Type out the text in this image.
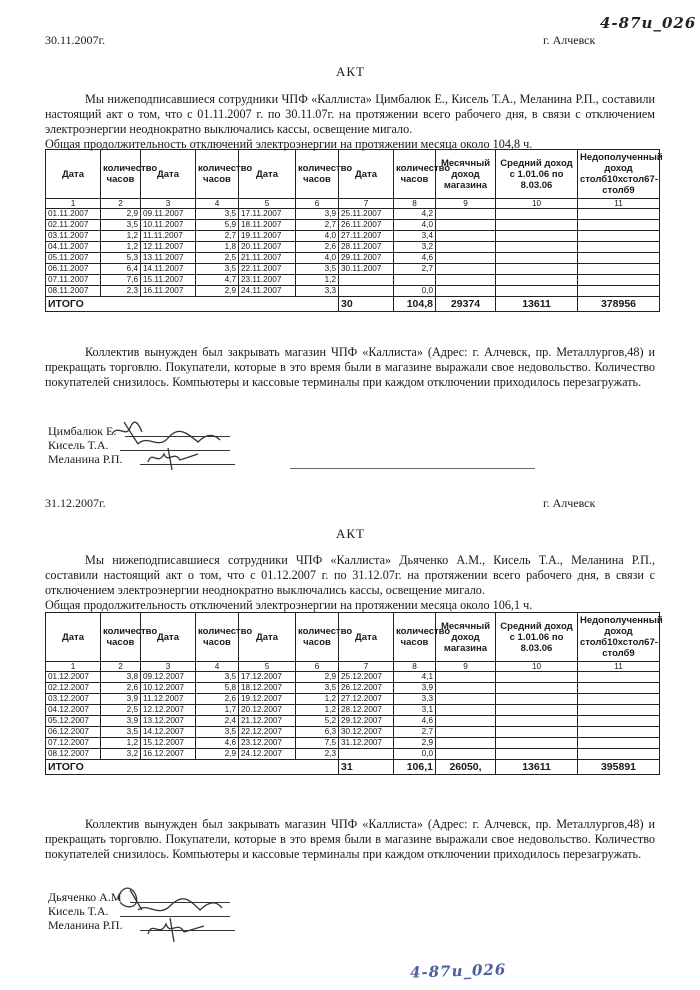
4-87и_026
4-87и_026
30.11.2007г.	г. Алчевск
АКТ
Мы нижеподписавшиеся сотрудники ЧПФ «Каллиста» Цимбалюк Е., Кисель Т.А., Меланина Р.П., составили настоящий акт о том, что с 01.11.2007 г. по 30.11.07г. на протяжении всего рабочего дня, в связи с отключением электроэнергии неоднократно выключались кассы, освещение мигало.
Общая продолжительность отключений электроэнергии на протяжении месяца около 104,8 ч.
Дата	количество часов	Дата	количество часов	Дата	количество часов	Дата	количество часов	Месячный доход магазина	Средний доход с 1.01.06 по 8.03.06	Недополученный доход столб10хстол67-столб9
1	2	3	4	5	6	7	8	9	10	11
01.11.2007	2,9	09.11.2007	3,5	17.11.2007	3,9	25.11.2007	4,2			
02.11.2007	3,5	10.11.2007	5,9	18.11.2007	2,7	26.11.2007	4,0			
03.11.2007	1,2	11.11.2007	2,7	19.11.2007	4,0	27.11.2007	3,4			
04.11.2007	1,2	12.11.2007	1,8	20.11.2007	2,6	28.11.2007	3,2			
05.11.2007	5,3	13.11.2007	2,5	21.11.2007	4,0	29.11.2007	4,6			
06.11.2007	6,4	14.11.2007	3,5	22.11.2007	3,5	30.11.2007	2,7			
07.11.2007	7,6	15.11.2007	4,7	23.11.2007	1,2					
08.11.2007	2,3	16.11.2007	2,9	24.11.2007	3,3		0,0			
ИТОГО						30	104,8	29374	13611	378956
Коллектив вынужден был закрывать магазин ЧПФ «Каллиста» (Адрес: г. Алчевск, пр. Металлургов,48) и прекращать торговлю. Покупатели, которые в это время были в магазине выражали свое недовольство. Количество покупателей снизилось. Компьютеры и кассовые терминалы при каждом отключении приходилось перезагружать.
Цимбалюк Е.
Кисель Т.А.
Меланина Р.П.
31.12.2007г.	г. Алчевск
АКТ
Мы нижеподписавшиеся сотрудники ЧПФ «Каллиста» Дьяченко А.М., Кисель Т.А., Меланина Р.П., составили настоящий акт о том, что с 01.12.2007 г. по 31.12.07г. на протяжении всего рабочего дня, в связи с отключением электроэнергии неоднократно выключались кассы, освещение мигало.
Общая продолжительность отключений электроэнергии на протяжении месяца около 106,1 ч.
Дата	количество часов	Дата	количество часов	Дата	количество часов	Дата	количество часов	Месячный доход магазина	Средний доход с 1.01.06 по 8.03.06	Недополученный доход столб10хстол67-столб9
1	2	3	4	5	6	7	8	9	10	11
01.12.2007	3,8	09.12.2007	3,5	17.12.2007	2,9	25.12.2007	4,1			
02.12.2007	2,6	10.12.2007	5,8	18.12.2007	3,5	26.12.2007	3,9			
03.12.2007	3,9	11.12.2007	2,6	19.12.2007	1,2	27.12.2007	3,3			
04.12.2007	2,5	12.12.2007	1,7	20.12.2007	1,2	28.12.2007	3,1			
05.12.2007	3,9	13.12.2007	2,4	21.12.2007	5,2	29.12.2007	4,6			
06.12.2007	3,5	14.12.2007	3,5	22.12.2007	6,3	30.12.2007	2,7			
07.12.2007	1,2	15.12.2007	4,6	23.12.2007	7,5	31.12.2007	2,9			
08.12.2007	3,2	16.12.2007	2,9	24.12.2007	2,3		0,0			
ИТОГО						31	106,1	26050,	13611	395891
Коллектив вынужден был закрывать магазин ЧПФ «Каллиста» (Адрес: г. Алчевск, пр. Металлургов,48) и прекращать торговлю. Покупатели, которые в это время были в магазине выражали свое недовольство. Количество покупателей снизилось. Компьютеры и кассовые терминалы при каждом отключении приходилось перезагружать.
Дьяченко А.М
Кисель Т.А.
Меланина Р.П.
